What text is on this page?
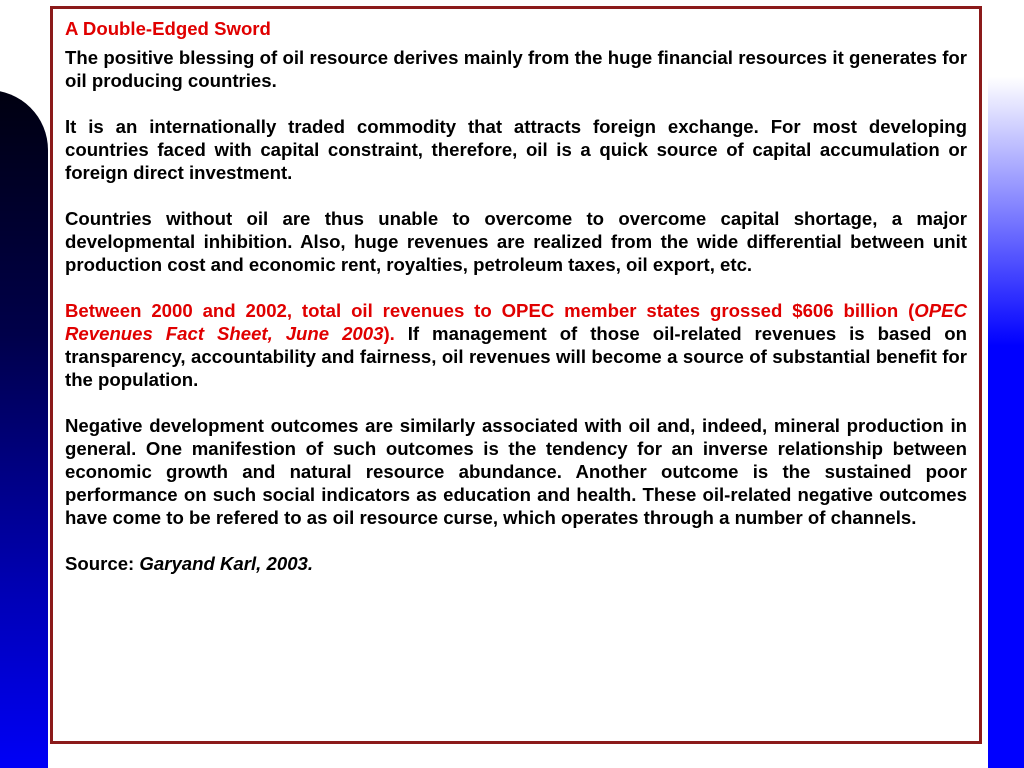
A Double-Edged Sword

The positive blessing of oil resource derives mainly from the huge financial resources it generates for oil producing countries.

It is an internationally traded commodity that attracts foreign exchange. For most developing countries faced with capital constraint, therefore, oil is a quick source of capital accumulation or foreign direct investment.

Countries without oil are thus unable to overcome to overcome capital shortage, a major developmental inhibition. Also, huge revenues are realized from the wide differential between unit production cost and economic rent, royalties, petroleum taxes, oil export, etc.

Between 2000 and 2002, total oil revenues to OPEC member states grossed $606 billion (OPEC Revenues Fact Sheet, June 2003). If management of those oil-related revenues is based on transparency, accountability and fairness, oil revenues will become a source of substantial benefit for the population.

Negative development outcomes are similarly associated with oil and, indeed, mineral production in general. One manifestion of such outcomes is the tendency for an inverse relationship between economic growth and natural resource abundance. Another outcome is the sustained poor performance on such social indicators as education and health. These oil-related negative outcomes have come to be refered to as oil resource curse, which operates through a number of channels.

Source: Garyand Karl, 2003.
